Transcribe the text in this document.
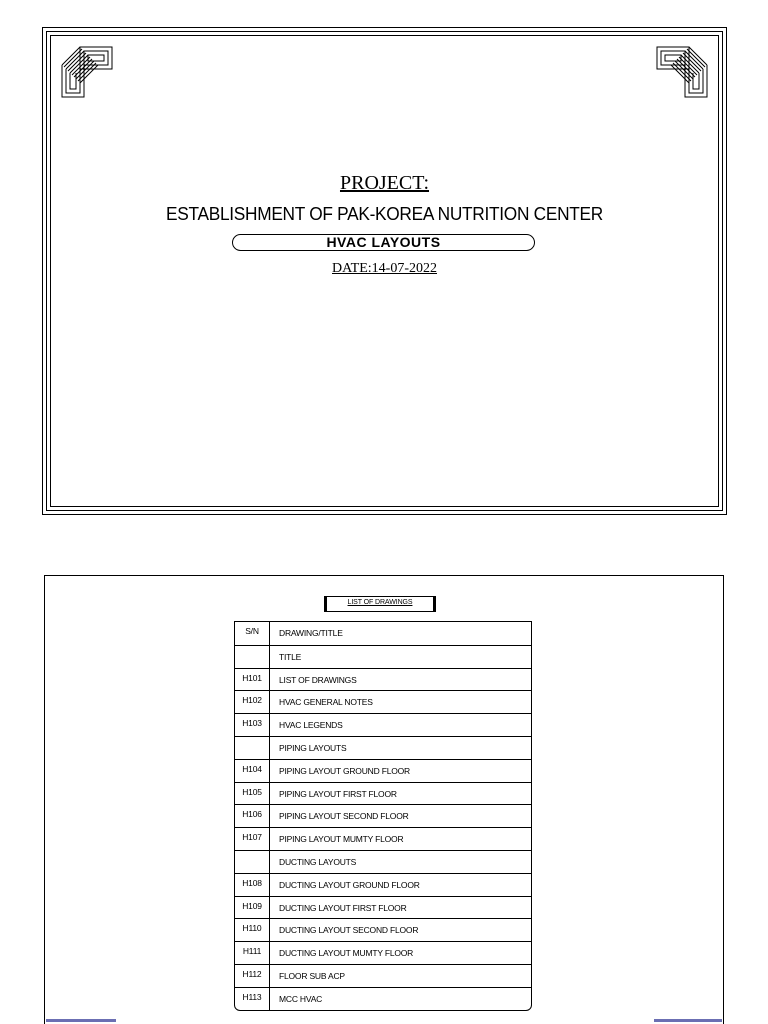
PROJECT:
ESTABLISHMENT OF PAK-KOREA NUTRITION CENTER
HVAC LAYOUTS
DATE:14-07-2022
LIST OF DRAWINGS
S/N	DRAWING/TITLE
TITLE
H101	LIST OF DRAWINGS
H102	HVAC GENERAL NOTES
H103	HVAC LEGENDS
PIPING LAYOUTS
H104	PIPING LAYOUT GROUND FLOOR
H105	PIPING LAYOUT FIRST FLOOR
H106	PIPING LAYOUT SECOND FLOOR
H107	PIPING LAYOUT MUMTY FLOOR
DUCTING LAYOUTS
H108	DUCTING LAYOUT GROUND FLOOR
H109	DUCTING LAYOUT FIRST FLOOR
H110	DUCTING LAYOUT SECOND FLOOR
H111	DUCTING LAYOUT MUMTY FLOOR
H112	FLOOR SUB ACP
H113	MCC HVAC
